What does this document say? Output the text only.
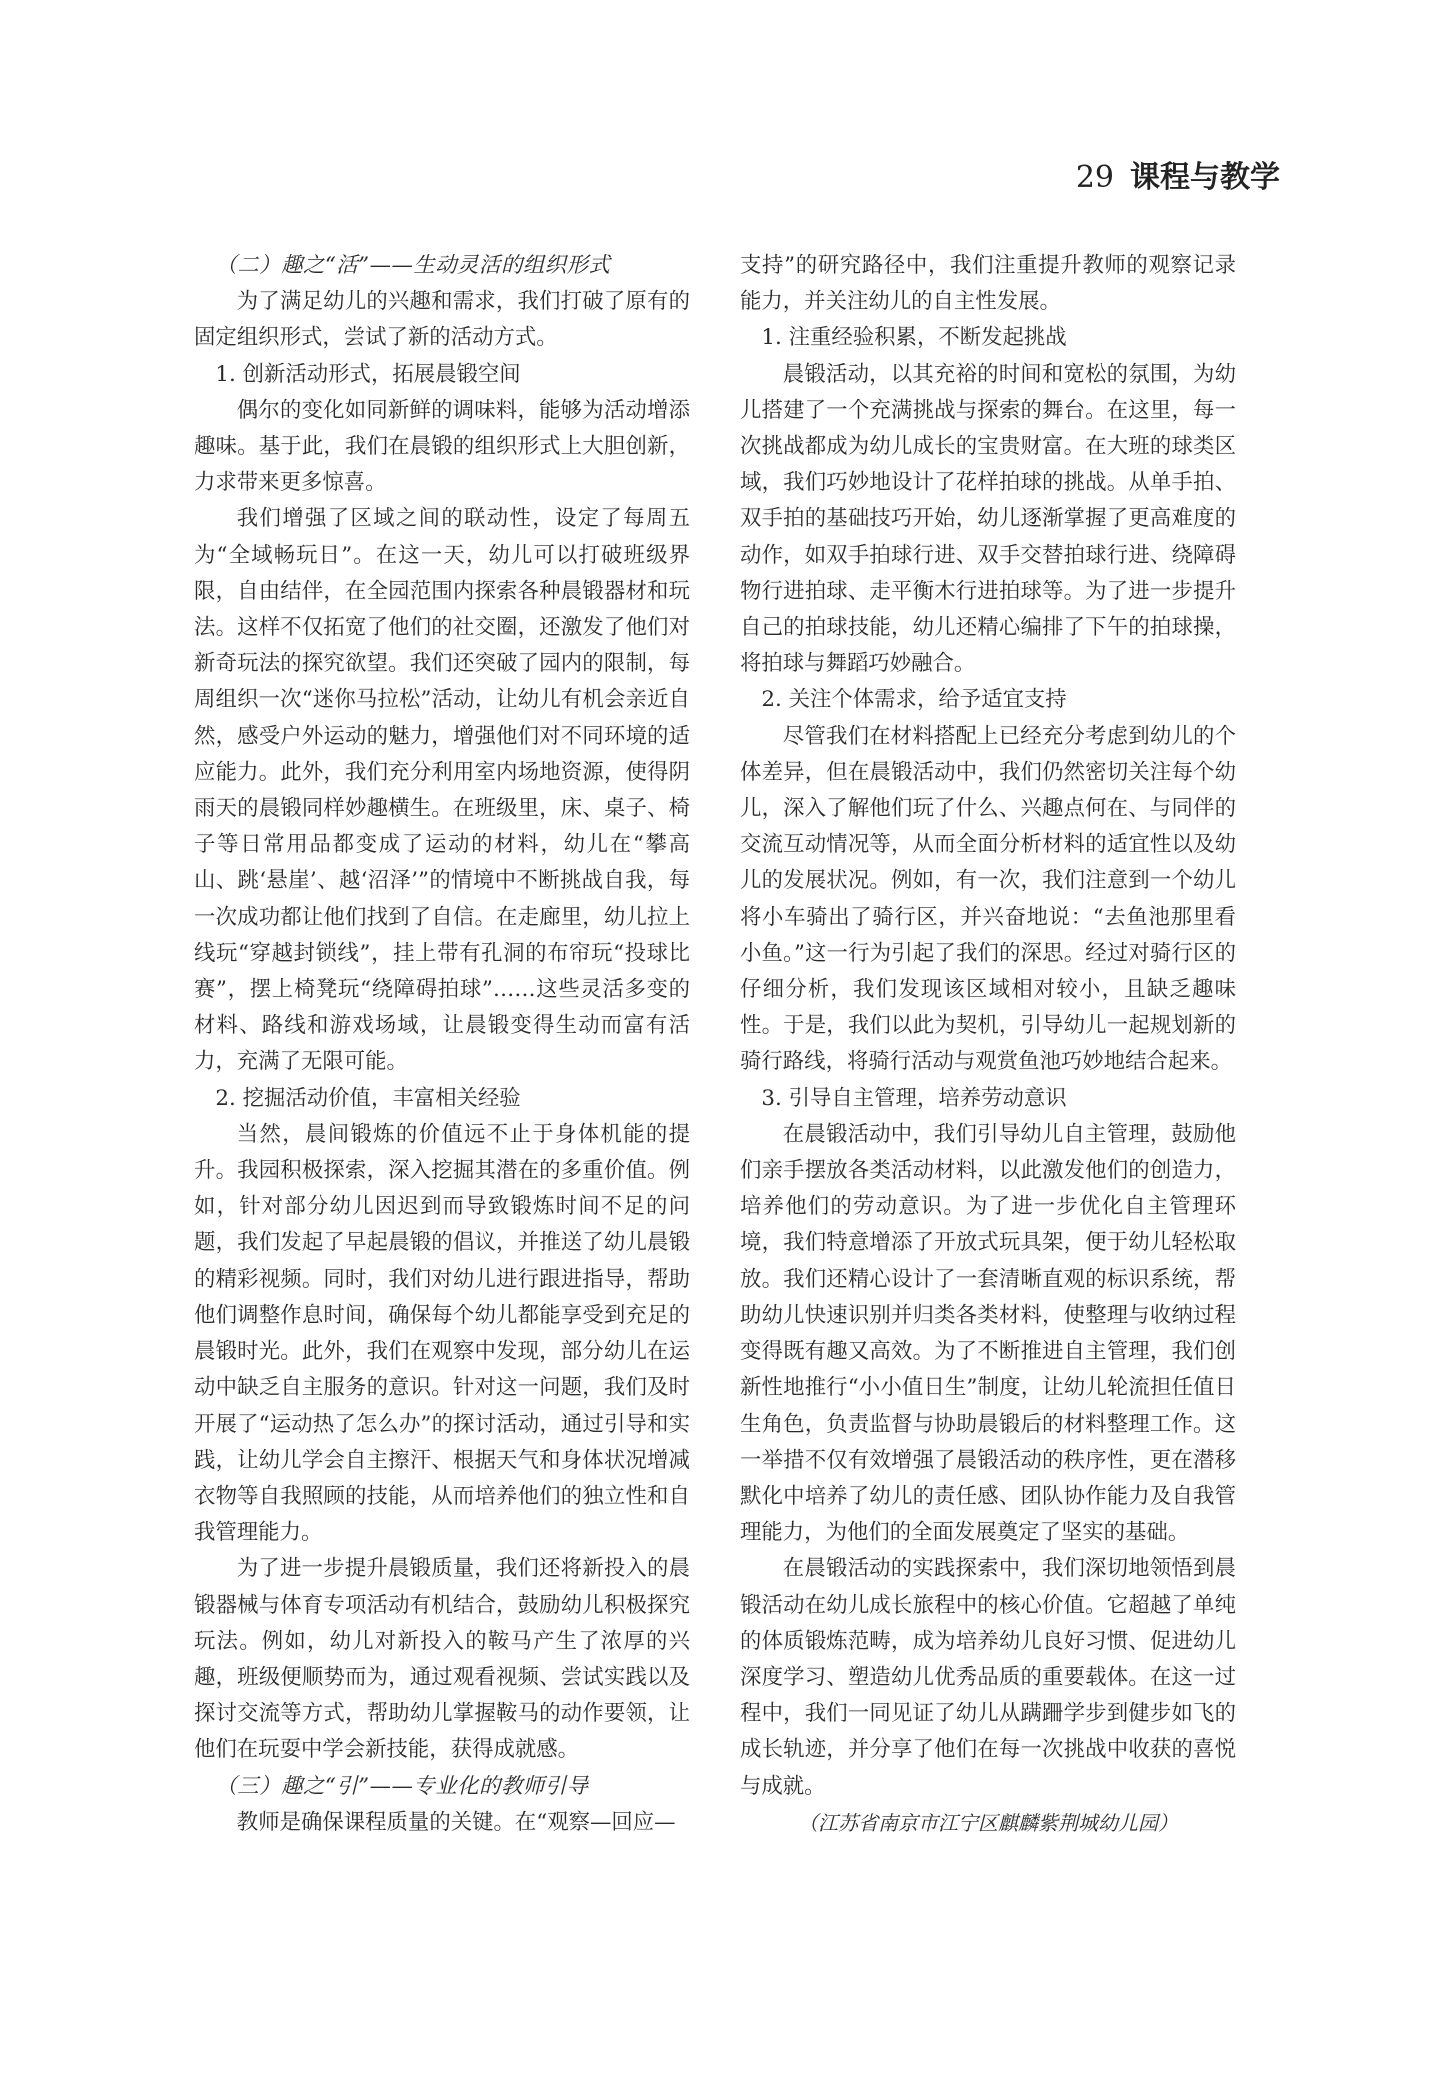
29 课程与教学

（二）趣之“活”——生动灵活的组织形式

为了满足幼儿的兴趣和需求，我们打破了原有的固定组织形式，尝试了新的活动方式。

1. 创新活动形式，拓展晨锻空间

偶尔的变化如同新鲜的调味料，能够为活动增添趣味。基于此，我们在晨锻的组织形式上大胆创新，力求带来更多惊喜。

我们增强了区域之间的联动性，设定了每周五为“全域畅玩日”。在这一天，幼儿可以打破班级界限，自由结伴，在全园范围内探索各种晨锻器材和玩法。这样不仅拓宽了他们的社交圈，还激发了他们对新奇玩法的探究欲望。我们还突破了园内的限制，每周组织一次“迷你马拉松”活动，让幼儿有机会亲近自然，感受户外运动的魅力，增强他们对不同环境的适应能力。此外，我们充分利用室内场地资源，使得阴雨天的晨锻同样妙趣横生。在班级里，床、桌子、椅子等日常用品都变成了运动的材料，幼儿在“攀高山、跳‘悬崖’、越‘沼泽’”的情境中不断挑战自我，每一次成功都让他们找到了自信。在走廊里，幼儿拉上线玩“穿越封锁线”，挂上带有孔洞的布帘玩“投球比赛”，摆上椅凳玩“绕障碍拍球”……这些灵活多变的材料、路线和游戏场域，让晨锻变得生动而富有活力，充满了无限可能。

2. 挖掘活动价值，丰富相关经验

当然，晨间锻炼的价值远不止于身体机能的提升。我园积极探索，深入挖掘其潜在的多重价值。例如，针对部分幼儿因迟到而导致锻炼时间不足的问题，我们发起了早起晨锻的倡议，并推送了幼儿晨锻的精彩视频。同时，我们对幼儿进行跟进指导，帮助他们调整作息时间，确保每个幼儿都能享受到充足的晨锻时光。此外，我们在观察中发现，部分幼儿在运动中缺乏自主服务的意识。针对这一问题，我们及时开展了“运动热了怎么办”的探讨活动，通过引导和实践，让幼儿学会自主擦汗、根据天气和身体状况增减衣物等自我照顾的技能，从而培养他们的独立性和自我管理能力。

为了进一步提升晨锻质量，我们还将新投入的晨锻器械与体育专项活动有机结合，鼓励幼儿积极探究玩法。例如，幼儿对新投入的鞍马产生了浓厚的兴趣，班级便顺势而为，通过观看视频、尝试实践以及探讨交流等方式，帮助幼儿掌握鞍马的动作要领，让他们在玩耍中学会新技能，获得成就感。

（三）趣之“引”——专业化的教师引导

教师是确保课程质量的关键。在“观察—回应—

支持”的研究路径中，我们注重提升教师的观察记录能力，并关注幼儿的自主性发展。

1. 注重经验积累，不断发起挑战

晨锻活动，以其充裕的时间和宽松的氛围，为幼儿搭建了一个充满挑战与探索的舞台。在这里，每一次挑战都成为幼儿成长的宝贵财富。在大班的球类区域，我们巧妙地设计了花样拍球的挑战。从单手拍、双手拍的基础技巧开始，幼儿逐渐掌握了更高难度的动作，如双手拍球行进、双手交替拍球行进、绕障碍物行进拍球、走平衡木行进拍球等。为了进一步提升自己的拍球技能，幼儿还精心编排了下午的拍球操，将拍球与舞蹈巧妙融合。

2. 关注个体需求，给予适宜支持

尽管我们在材料搭配上已经充分考虑到幼儿的个体差异，但在晨锻活动中，我们仍然密切关注每个幼儿，深入了解他们玩了什么、兴趣点何在、与同伴的交流互动情况等，从而全面分析材料的适宜性以及幼儿的发展状况。例如，有一次，我们注意到一个幼儿将小车骑出了骑行区，并兴奋地说：“去鱼池那里看小鱼。”这一行为引起了我们的深思。经过对骑行区的仔细分析，我们发现该区域相对较小，且缺乏趣味性。于是，我们以此为契机，引导幼儿一起规划新的骑行路线，将骑行活动与观赏鱼池巧妙地结合起来。

3. 引导自主管理，培养劳动意识

在晨锻活动中，我们引导幼儿自主管理，鼓励他们亲手摆放各类活动材料，以此激发他们的创造力，培养他们的劳动意识。为了进一步优化自主管理环境，我们特意增添了开放式玩具架，便于幼儿轻松取放。我们还精心设计了一套清晰直观的标识系统，帮助幼儿快速识别并归类各类材料，使整理与收纳过程变得既有趣又高效。为了不断推进自主管理，我们创新性地推行“小小值日生”制度，让幼儿轮流担任值日生角色，负责监督与协助晨锻后的材料整理工作。这一举措不仅有效增强了晨锻活动的秩序性，更在潜移默化中培养了幼儿的责任感、团队协作能力及自我管理能力，为他们的全面发展奠定了坚实的基础。

在晨锻活动的实践探索中，我们深切地领悟到晨锻活动在幼儿成长旅程中的核心价值。它超越了单纯的体质锻炼范畴，成为培养幼儿良好习惯、促进幼儿深度学习、塑造幼儿优秀品质的重要载体。在这一过程中，我们一同见证了幼儿从蹒跚学步到健步如飞的成长轨迹，并分享了他们在每一次挑战中收获的喜悦与成就。

（江苏省南京市江宁区麒麟紫荆城幼儿园）
